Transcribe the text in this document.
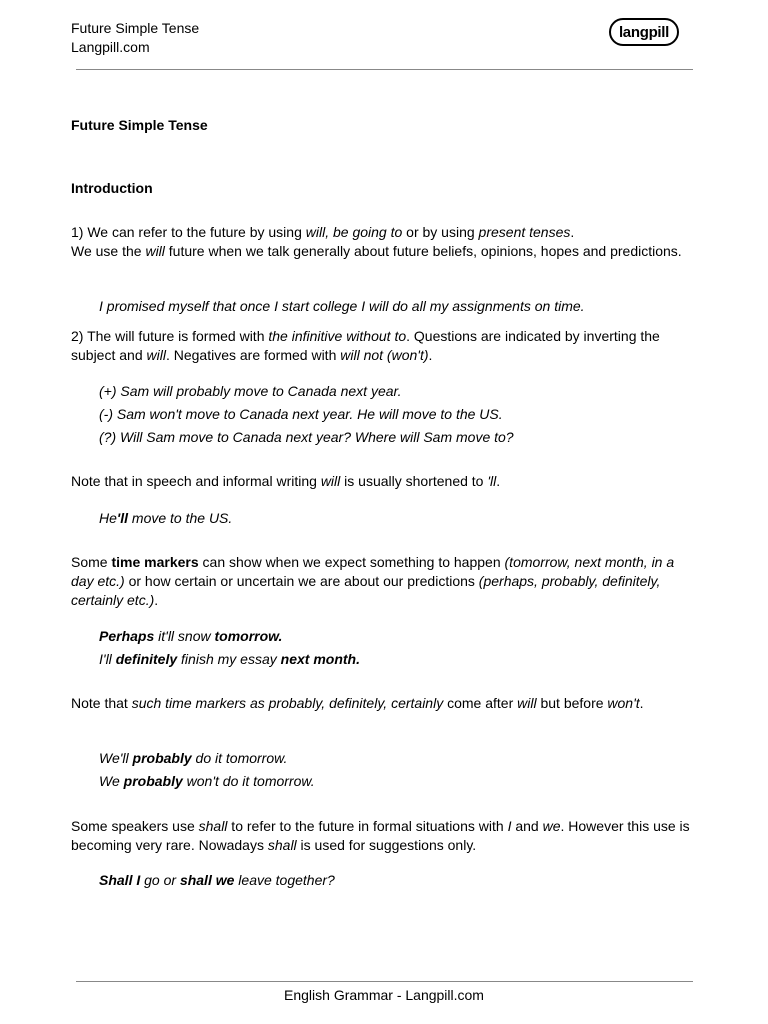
Future Simple Tense
Langpill.com
langpill
Future Simple Tense
Introduction
1) We can refer to the future by using will, be going to or by using present tenses.
We use the will future when we talk generally about future beliefs, opinions, hopes and predictions.
I promised myself that once I start college I will do all my assignments on time.
2) The will future is formed with the infinitive without to. Questions are indicated by inverting the subject and will. Negatives are formed with will not (won't).
(+) Sam will probably move to Canada next year.
(-) Sam won't move to Canada next year. He will move to the US.
(?) Will Sam move to Canada next year? Where will Sam move to?
Note that in speech and informal writing will is usually shortened to 'll.
He'll move to the US.
Some time markers can show when we expect something to happen (tomorrow, next month, in a day etc.) or how certain or uncertain we are about our predictions (perhaps, probably, definitely, certainly etc.).
Perhaps it'll snow tomorrow.
I'll definitely finish my essay next month.
Note that such time markers as probably, definitely, certainly come after will but before won't.
We'll probably do it tomorrow.
We probably won't do it tomorrow.
Some speakers use shall to refer to the future in formal situations with I and we. However this use is becoming very rare. Nowadays shall is used for suggestions only.
Shall I go or shall we leave together?
English Grammar - Langpill.com
